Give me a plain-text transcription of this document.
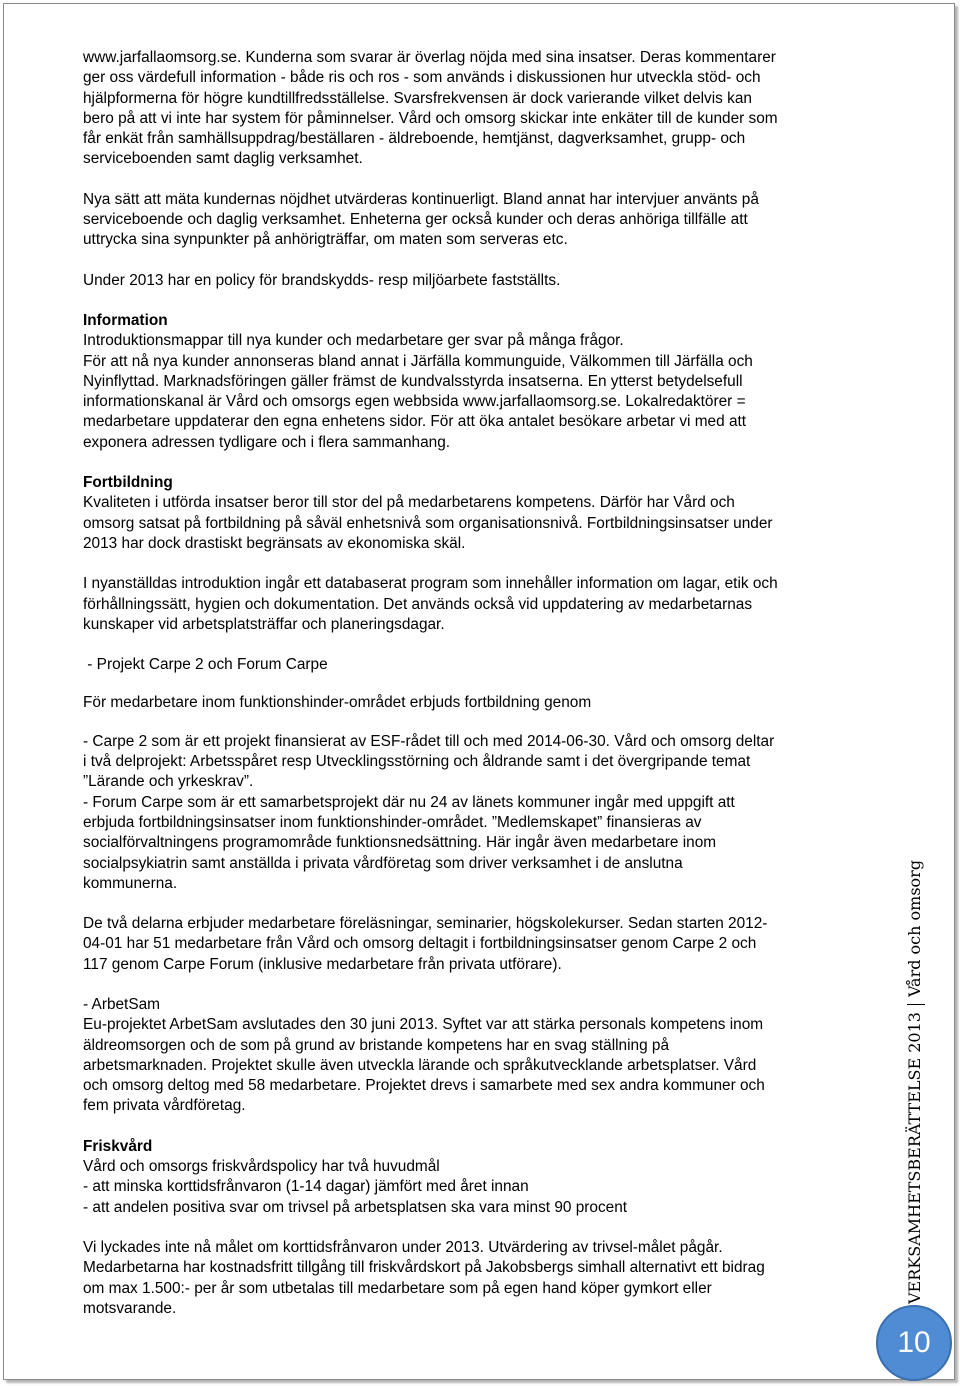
www.jarfallaomsorg.se. Kunderna som svarar är överlag nöjda med sina insatser. Deras kommentarer

ger oss värdefull information - både ris och ros - som används i diskussionen hur utveckla stöd- och

hjälpformerna för högre kundtillfredsställelse. Svarsfrekvensen är dock varierande vilket delvis kan

bero på att vi inte har system för påminnelser. Vård och omsorg skickar inte enkäter till de kunder som

får enkät från samhällsuppdrag/beställaren - äldreboende, hemtjänst, dagverksamhet, grupp- och

serviceboenden samt daglig verksamhet.

Nya sätt att mäta kundernas nöjdhet utvärderas kontinuerligt. Bland annat har intervjuer använts på

serviceboende och daglig verksamhet. Enheterna ger också kunder och deras anhöriga tillfälle att

uttrycka sina synpunkter på anhörigträffar, om maten som serveras etc.

Under 2013 har en policy för brandskydds- resp miljöarbete fastställts.

Information

Introduktionsmappar till nya kunder och medarbetare ger svar på många frågor.

För att nå nya kunder annonseras bland annat i Järfälla kommunguide, Välkommen till Järfälla och

Nyinflyttad. Marknadsföringen gäller främst de kundvalsstyrda insatserna. En ytterst betydelsefull

informationskanal är Vård och omsorgs egen webbsida www.jarfallaomsorg.se. Lokalredaktörer =

medarbetare uppdaterar den egna enhetens sidor. För att öka antalet besökare arbetar vi med att

exponera adressen tydligare och i flera sammanhang.

Fortbildning

Kvaliteten i utförda insatser beror till stor del på medarbetarens kompetens. Därför har Vård och

omsorg satsat på fortbildning på såväl enhetsnivå som organisationsnivå. Fortbildningsinsatser under

2013 har dock drastiskt begränsats av ekonomiska skäl.

I nyanställdas introduktion ingår ett databaserat program som innehåller information om lagar, etik och

förhållningssätt, hygien och dokumentation. Det används också vid uppdatering av medarbetarnas

kunskaper vid arbetsplatsträffar och planeringsdagar.

- Projekt Carpe 2 och Forum Carpe

För medarbetare inom funktionshinder-området erbjuds fortbildning genom

- Carpe 2 som är ett projekt finansierat av ESF-rådet till och med 2014-06-30. Vård och omsorg deltar

i två delprojekt: Arbetsspåret resp Utvecklingsstörning och åldrande samt i det övergripande temat

”Lärande och yrkeskrav”.

- Forum Carpe som är ett samarbetsprojekt där nu 24 av länets kommuner ingår med uppgift att

erbjuda fortbildningsinsatser inom funktionshinder-området. ”Medlemskapet” finansieras av

socialförvaltningens programområde funktionsnedsättning. Här ingår även medarbetare inom

socialpsykiatrin samt anställda i privata vårdföretag som driver verksamhet i de anslutna

kommunerna.

De två delarna erbjuder medarbetare föreläsningar, seminarier, högskolekurser. Sedan starten 2012-

04-01 har 51 medarbetare från Vård och omsorg deltagit i fortbildningsinsatser genom Carpe 2 och

117 genom Carpe Forum (inklusive medarbetare från privata utförare).

- ArbetSam

Eu-projektet ArbetSam avslutades den 30 juni 2013. Syftet var att stärka personals kompetens inom

äldreomsorgen och de som på grund av bristande kompetens har en svag ställning på

arbetsmarknaden. Projektet skulle även utveckla lärande och språkutvecklande arbetsplatser. Vård

och omsorg deltog med 58 medarbetare. Projektet drevs i samarbete med sex andra kommuner och

fem privata vårdföretag.

Friskvård

Vård och omsorgs friskvårdspolicy har två huvudmål

- att minska korttidsfrånvaron (1-14 dagar) jämfört med året innan

- att andelen positiva svar om trivsel på arbetsplatsen ska vara minst 90 procent

Vi lyckades inte nå målet om korttidsfrånvaron under 2013. Utvärdering av trivsel-målet pågår.

Medarbetarna har kostnadsfritt tillgång till friskvårdskort på Jakobsbergs simhall alternativt ett bidrag

om max 1.500:- per år som utbetalas till medarbetare som på egen hand köper gymkort eller

motsvarande.

VERKSAMHETSBERÄTTELSE 2013Vård och omsorg
10
